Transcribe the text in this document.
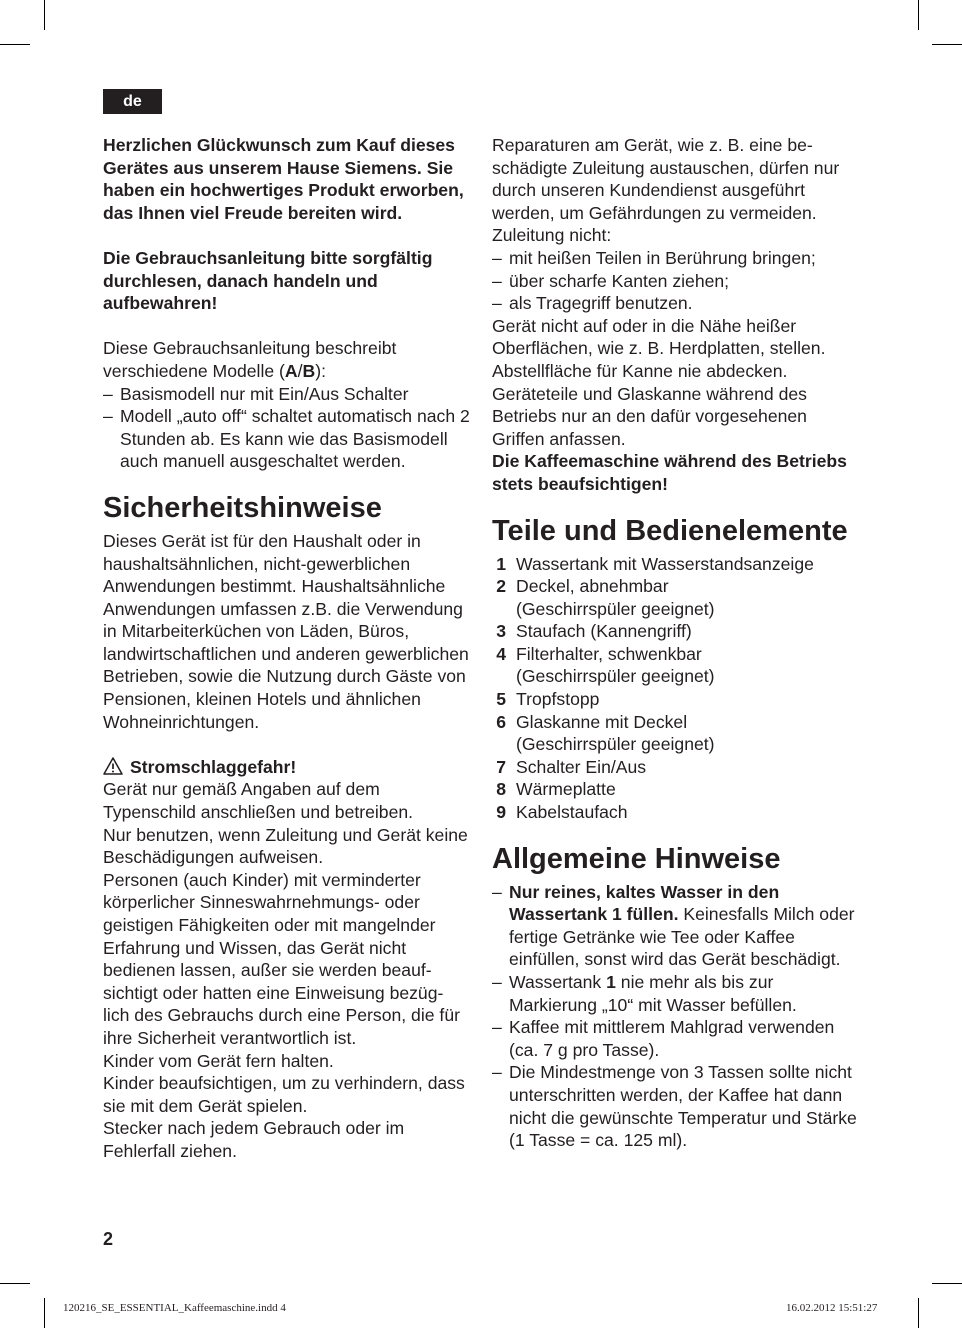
de

Herzlichen Glückwunsch zum Kauf dieses Gerätes aus unserem Hause Siemens. Sie haben ein hochwertiges Produkt erworben, das Ihnen viel Freude bereiten wird.

Die Gebrauchsanleitung bitte sorgfältig durchlesen, danach handeln und aufbewahren!

Diese Gebrauchsanleitung beschreibt verschiedene Modelle (A/B):

– Basismodell nur mit Ein/Aus Schalter
– Modell „auto off“ schaltet automatisch nach 2 Stunden ab. Es kann wie das Basismodell auch manuell ausgeschaltet werden.
Sicherheitshinweise

Dieses Gerät ist für den Haushalt oder in haushaltsähnlichen, nicht-gewerblichen Anwendungen bestimmt. Haushaltsähnliche Anwendungen umfassen z.B. die Verwendung in Mitarbeiterküchen von Läden, Büros, landwirtschaftlichen und anderen gewerblichen Betrieben, sowie die Nutzung durch Gäste von Pensionen, kleinen Hotels und ähnlichen Wohneinrichtungen.

Stromschlaggefahr!

Gerät nur gemäß Angaben auf dem Typenschild anschließen und betreiben.

Nur benutzen, wenn Zuleitung und Gerät keine Beschädigungen aufweisen.

Personen (auch Kinder) mit verminderter körperlicher Sinneswahrnehmungs- oder geistigen Fähigkeiten oder mit mangelnder Erfahrung und Wissen, das Gerät nicht bedienen lassen, außer sie werden beauf- sichtigt oder hatten eine Einweisung bezüg- lich des Gebrauchs durch eine Person, die für ihre Sicherheit verantwortlich ist.

Kinder vom Gerät fern halten.

Kinder beaufsichtigen, um zu verhindern, dass sie mit dem Gerät spielen.

Stecker nach jedem Gebrauch oder im Fehlerfall ziehen.

Reparaturen am Gerät, wie z. B. eine be- schädigte Zuleitung austauschen, dürfen nur durch unseren Kundendienst ausgeführt werden, um Gefährdungen zu vermeiden.

Zuleitung nicht:

– mit heißen Teilen in Berührung bringen;
– über scharfe Kanten ziehen;
– als Tragegriff benutzen.

Gerät nicht auf oder in die Nähe heißer Oberflächen, wie z. B. Herdplatten, stellen.

Abstellfläche für Kanne nie abdecken.

Geräteteile und Glaskanne während des Betriebs nur an den dafür vorgesehenen Griffen anfassen.

Die Kaffeemaschine während des Betriebs stets beaufsichtigen!

Teile und Bedienelemente
1 Wassertank mit Wasserstandsanzeige
2 Deckel, abnehmbar (Geschirrspüler geeignet)
3 Staufach (Kannengriff)
4 Filterhalter, schwenkbar (Geschirrspüler geeignet)
5 Tropfstopp
6 Glaskanne mit Deckel (Geschirrspüler geeignet)
7 Schalter Ein/Aus
8 Wärmeplatte
9 Kabelstaufach
Allgemeine Hinweise
– Nur reines, kaltes Wasser in den Wassertank 1 füllen. Keinesfalls Milch oder fertige Getränke wie Tee oder Kaffee einfüllen, sonst wird das Gerät beschädigt.
– Wassertank 1 nie mehr als bis zur Markierung „10“ mit Wasser befüllen.
– Kaffee mit mittlerem Mahlgrad verwenden (ca. 7 g pro Tasse).
– Die Mindestmenge von 3 Tassen sollte nicht unterschritten werden, der Kaffee hat dann nicht die gewünschte Temperatur und Stärke (1 Tasse = ca. 125 ml).
2
120216_SE_ESSENTIAL_Kaffeemaschine.indd 4	16.02.2012 15:51:27
